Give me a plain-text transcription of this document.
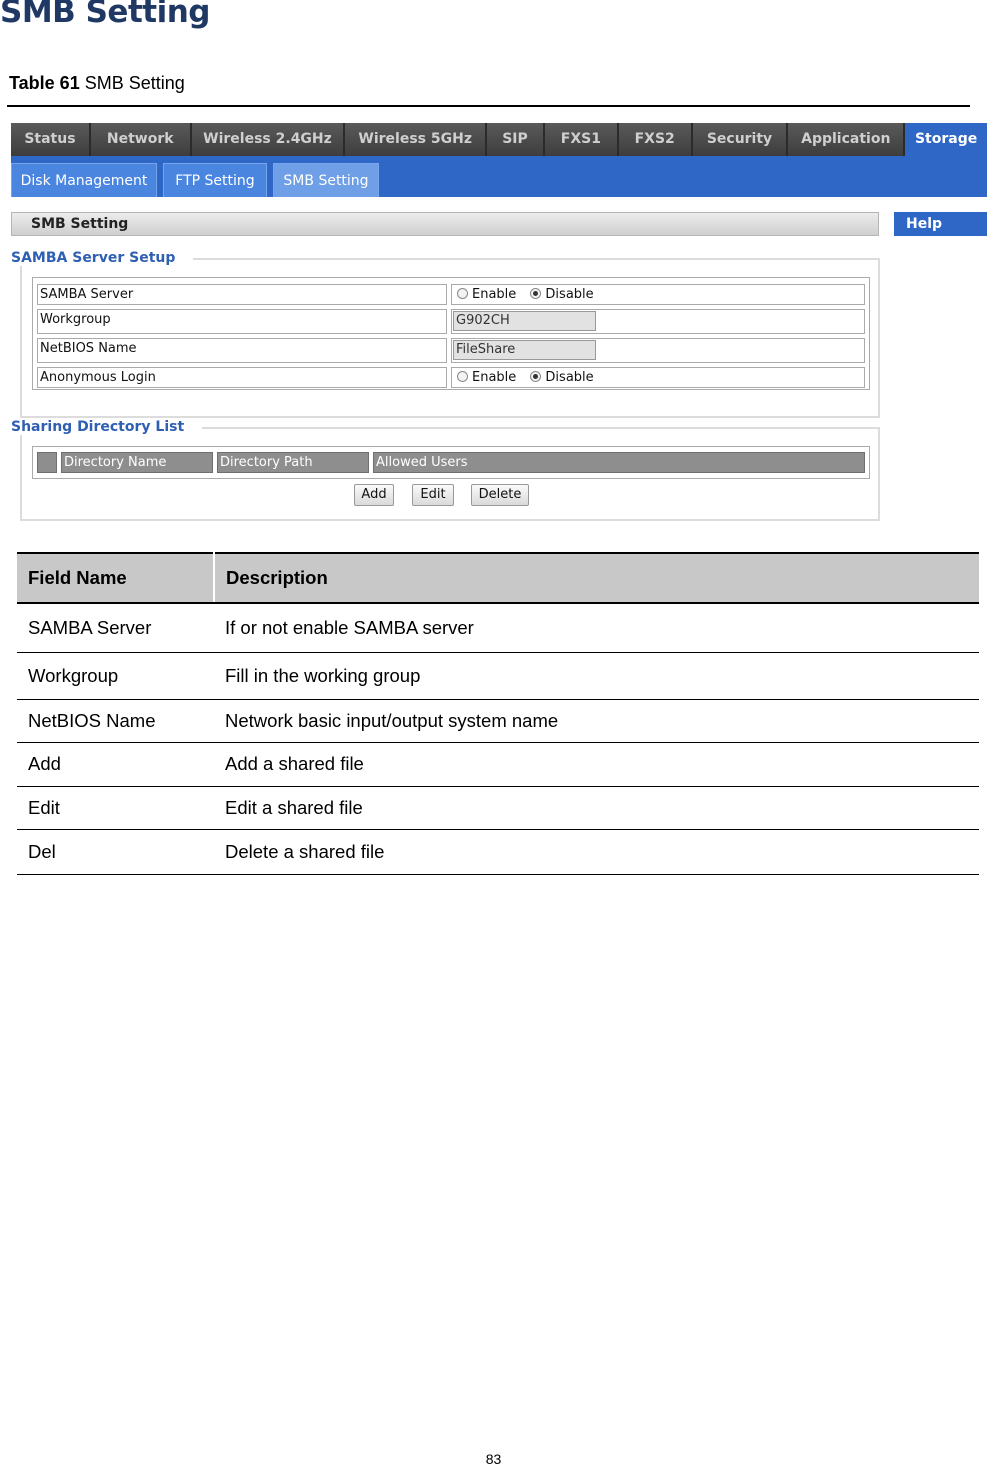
SMB Setting
Table 61 SMB Setting
Status	Network	Wireless 2.4GHz	Wireless 5GHz	SIP	FXS1	FXS2	Security	Application	Storage
Disk Management	FTP Setting	SMB Setting
SMB Setting	Help
SAMBA Server	Enable Disable
Workgroup	G902CH
NetBIOS Name	FileShare
Anonymous Login	Enable Disable
SAMBA Server Setup
Directory Name	Directory Path	Allowed Users
Add	Edit	Delete
Sharing Directory List
Field Name	Description
SAMBA Server	If or not enable SAMBA server
Workgroup	Fill in the working group
NetBIOS Name	Network basic input/output system name
Add	Add a shared file
Edit	Edit a shared file
Del	Delete a shared file
83
